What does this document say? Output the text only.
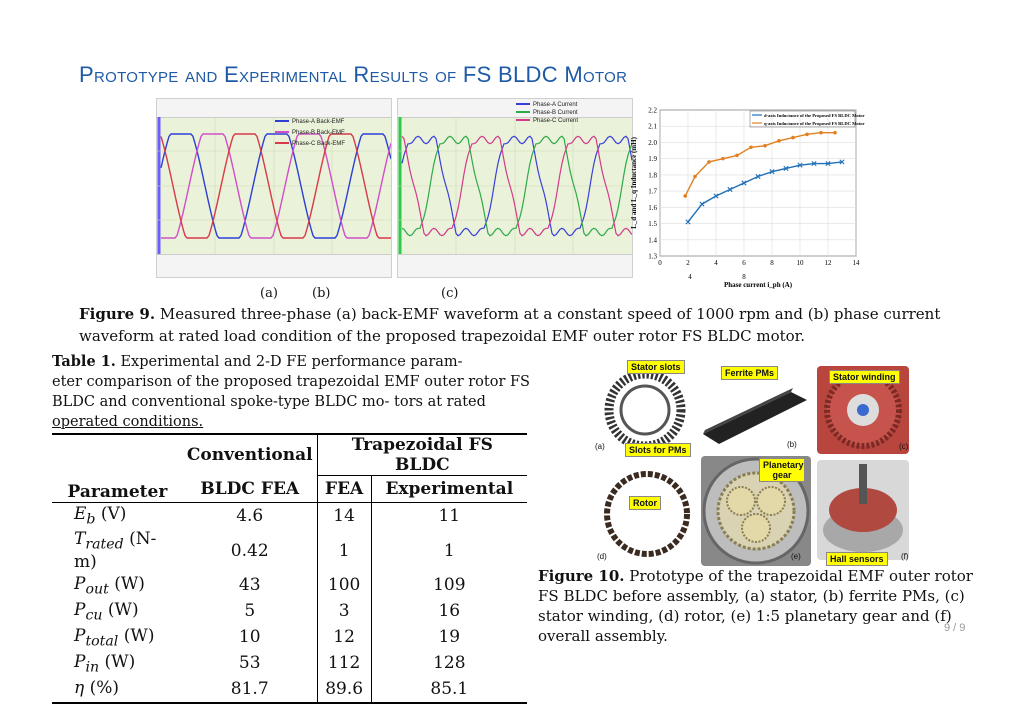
Prototype and Experimental Results of FS BLDC Motor
Phase-A Back-EMF
Phase-B Back-EMF
Phase-C Back-EMF
Phase-A Current
Phase-B Current
Phase-C Current
0	2	4	6	8	10	12	14
1.3
1.4
1.5
1.6
1.7
1.8
1.9
2.0
2.1
2.2
4	8
Phase current i_ph (A)
L_d and L_q Inductance (mH)
d-axis Inductance of the Proposed FS BLDC Motor
q-axis Inductance of the Proposed FS BLDC Motor
(a)	(b)	(c)
Figure 9. Measured three-phase (a) back-EMF waveform at a constant speed of 1000 rpm and (b) phase current
waveform at rated load condition of the proposed trapezoidal EMF outer rotor FS BLDC motor.
Table 1. Experimental and 2-D FE performance param-
eter comparison of the proposed trapezoidal EMF outer rotor FS
BLDC and conventional spoke-type BLDC mo- tors at rated
operated conditions.
Parameter	Conventional	Trapezoidal FS BLDC	
	BLDC FEA	FEA	Experimental
$E_b$ (V)	4.6	14	11
$T_{rated}$ (N-m)	0.42	1	1
$P_{out}$ (W)	43	100	109
$P_{cu}$ (W)	5	3	16
$P_{total}$ (W)	10	12	19
$P_{in}$ (W)	53	112	128
η (%)	81.7	89.6	85.1
Stator slots
Ferrite PMs	Stator winding
Slots for PMs
Planetary gear
Rotor
Hall sensors
(a)	(b)	(c)
(d)	(e)	(f)
Figure 10. Prototype of the trapezoidal EMF outer rotor
FS BLDC before assembly, (a) stator, (b) ferrite PMs, (c)
stator winding, (d) rotor, (e) 1:5 planetary gear and (f)
overall assembly.	9 / 9
